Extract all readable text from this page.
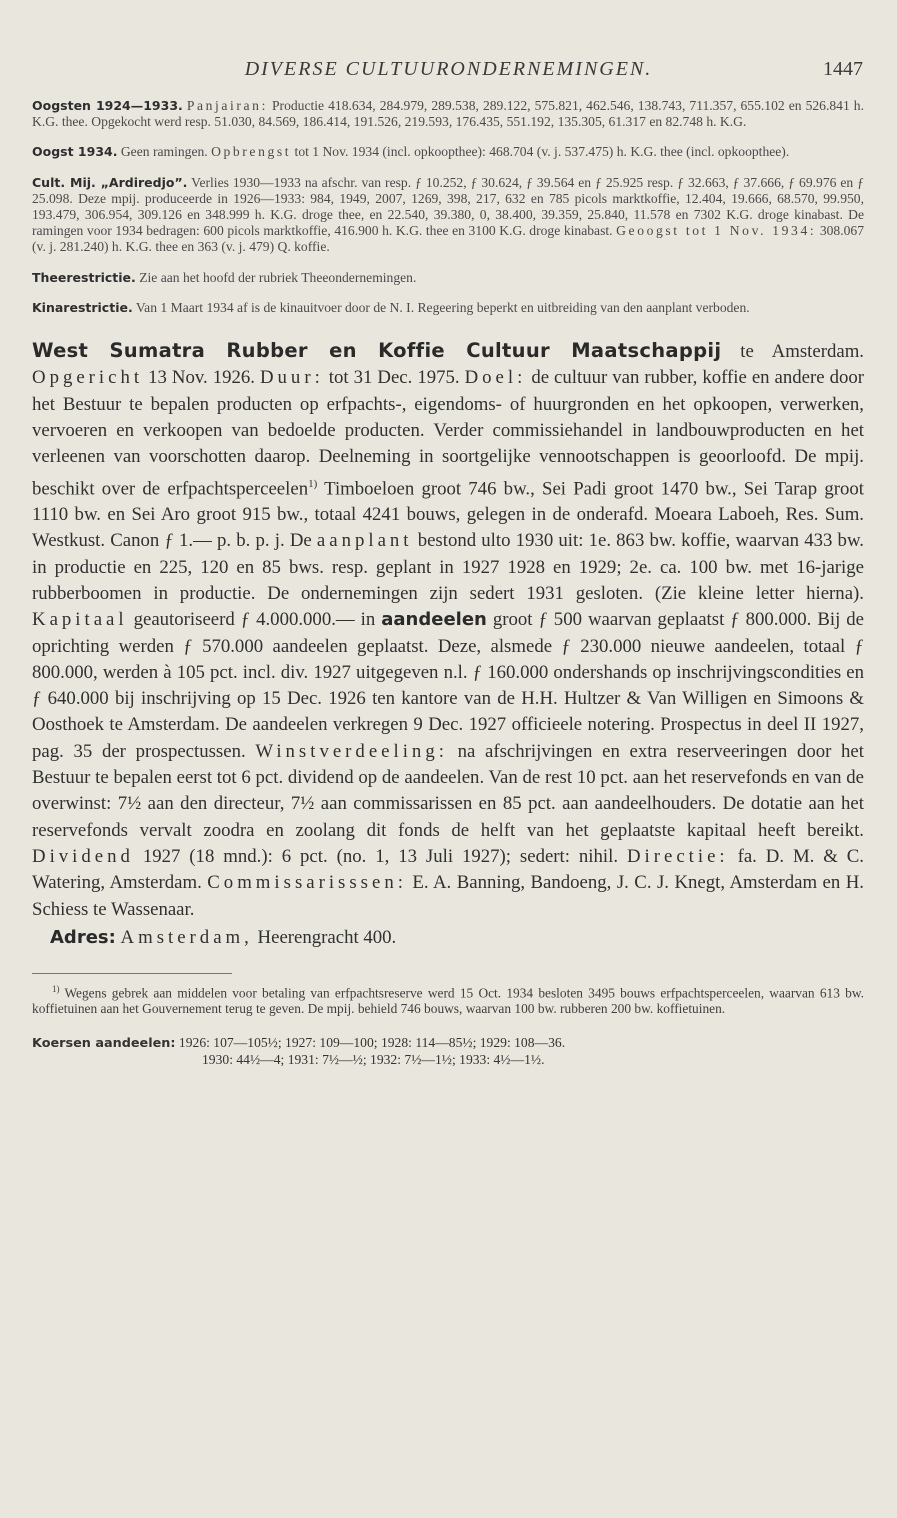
DIVERSE CULTUURONDERNEMINGEN.	1447

Oogsten 1924—1933. Panjairan: Productie 418.634, 284.979, 289.538, 289.122, 575.821, 462.546, 138.743, 711.357, 655.102 en 526.841 h. K.G. thee. Opgekocht werd resp. 51.030, 84.569, 186.414, 191.526, 219.593, 176.435, 551.192, 135.305, 61.317 en 82.748 h. K.G.

Oogst 1934. Geen ramingen. Opbrengst tot 1 Nov. 1934 (incl. opkoopthee): 468.704 (v. j. 537.475) h. K.G. thee (incl. opkoopthee).

Cult. Mij. „Ardiredjo”. Verlies 1930—1933 na afschr. van resp. ƒ 10.252, ƒ 30.624, ƒ 39.564 en ƒ 25.925 resp. ƒ 32.663, ƒ 37.666, ƒ 69.976 en ƒ 25.098. Deze mpij. produceerde in 1926—1933: 984, 1949, 2007, 1269, 398, 217, 632 en 785 picols marktkoffie, 12.404, 19.666, 68.570, 99.950, 193.479, 306.954, 309.126 en 348.999 h. K.G. droge thee, en 22.540, 39.380, 0, 38.400, 39.359, 25.840, 11.578 en 7302 K.G. droge kinabast. De ramingen voor 1934 bedragen: 600 picols marktkoffie, 416.900 h. K.G. thee en 3100 K.G. droge kinabast. Geoogst tot 1 Nov. 1934: 308.067 (v. j. 281.240) h. K.G. thee en 363 (v. j. 479) Q. koffie.

Theerestrictie. Zie aan het hoofd der rubriek Theeondernemingen.

Kinarestrictie. Van 1 Maart 1934 af is de kinauitvoer door de N. I. Regeering beperkt en uitbreiding van den aanplant verboden.

West Sumatra Rubber en Koffie Cultuur Maatschappij te Amsterdam. Opgericht 13 Nov. 1926. Duur: tot 31 Dec. 1975. Doel: de cultuur van rubber, koffie en andere door het Bestuur te bepalen producten op erfpachts-, eigendoms- of huurgronden en het opkoopen, verwerken, vervoeren en verkoopen van bedoelde producten. Verder commissiehandel in landbouwproducten en het verleenen van voorschotten daarop. Deelneming in soortgelijke vennootschappen is geoorloofd. De mpij. beschikt over de erfpachtsperceelen$^{1)}$ Timboeloen groot 746 bw., Sei Padi groot 1470 bw., Sei Tarap groot 1110 bw. en Sei Aro groot 915 bw., totaal 4241 bouws, gelegen in de onderafd. Moeara Laboeh, Res. Sum. Westkust. Canon ƒ 1.— p. b. p. j. De aanplant bestond ulto 1930 uit: 1e. 863 bw. koffie, waarvan 433 bw. in productie en 225, 120 en 85 bws. resp. geplant in 1927 1928 en 1929; 2e. ca. 100 bw. met 16-jarige rubberboomen in productie. De ondernemingen zijn sedert 1931 gesloten. (Zie kleine letter hierna). Kapitaal geautoriseerd ƒ 4.000.000.— in aandeelen groot ƒ 500 waarvan geplaatst ƒ 800.000. Bij de oprichting werden ƒ 570.000 aandeelen geplaatst. Deze, alsmede ƒ 230.000 nieuwe aandeelen, totaal ƒ 800.000, werden à 105 pct. incl. div. 1927 uitgegeven n.l. ƒ 160.000 ondershands op inschrijvingscondities en ƒ 640.000 bij inschrijving op 15 Dec. 1926 ten kantore van de H.H. Hultzer & Van Willigen en Simoons & Oosthoek te Amsterdam. De aandeelen verkregen 9 Dec. 1927 officieele notering. Prospectus in deel II 1927, pag. 35 der prospectussen. Winstverdeeling: na afschrijvingen en extra reserveeringen door het Bestuur te bepalen eerst tot 6 pct. dividend op de aandeelen. Van de rest 10 pct. aan het reservefonds en van de overwinst: 7½ aan den directeur, 7½ aan commissarissen en 85 pct. aan aandeelhouders. De dotatie aan het reservefonds vervalt zoodra en zoolang dit fonds de helft van het geplaatste kapitaal heeft bereikt. Dividend 1927 (18 mnd.): 6 pct. (no. 1, 13 Juli 1927); sedert: nihil. Directie: fa. D. M. & C. Watering, Amsterdam. Commissarisssen: E. A. Banning, Bandoeng, J. C. J. Knegt, Amsterdam en H. Schiess te Wassenaar.

Adres: Amsterdam, Heerengracht 400.

$^{1)}$ Wegens gebrek aan middelen voor betaling van erfpachtsreserve werd 15 Oct. 1934 besloten 3495 bouws erfpachtsperceelen, waarvan 613 bw. koffietuinen aan het Gouvernement terug te geven. De mpij. behield 746 bouws, waarvan 100 bw. rubberen 200 bw. koffietuinen.

Koersen aandeelen: 1926: 107—105½; 1927: 109—100; 1928: 114—85½; 1929: 108—36.
1930: 44½—4; 1931: 7½—½; 1932: 7½—1½; 1933: 4½—1½.
